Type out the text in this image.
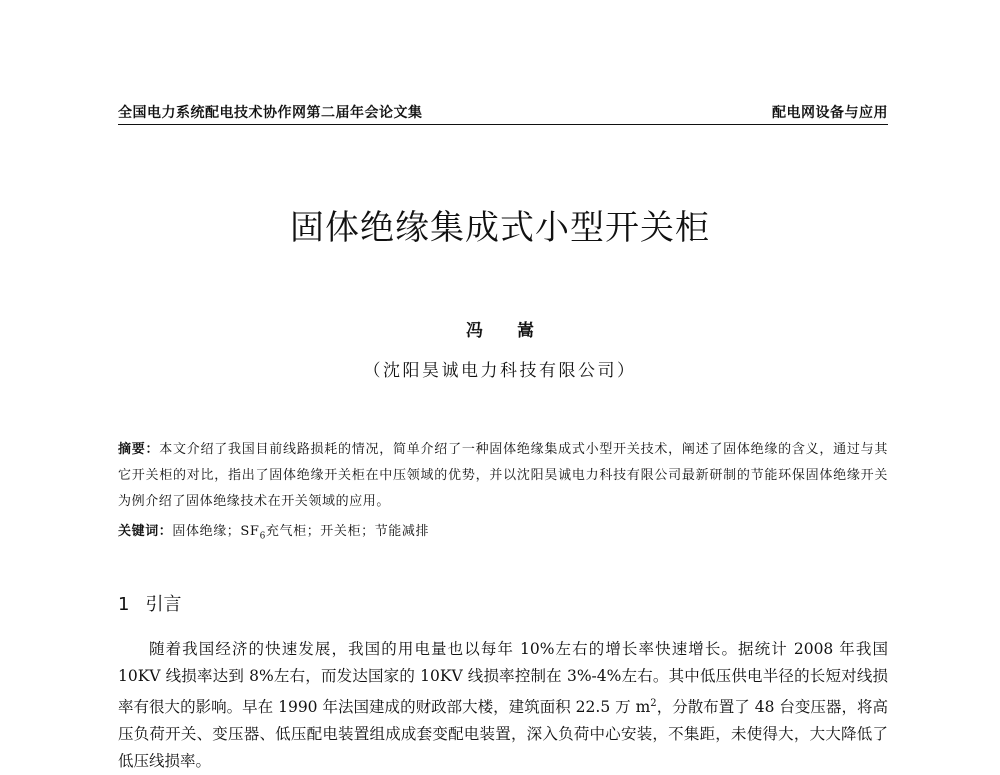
全国电力系统配电技术协作网第二届年会论文集	配电网设备与应用
固体绝缘集成式小型开关柜
冯 嵩
（沈阳昊诚电力科技有限公司）
摘要：本文介绍了我国目前线路损耗的情况，简单介绍了一种固体绝缘集成式小型开关技术，阐述了固体绝缘的含义，通过与其它开关柜的对比，指出了固体绝缘开关柜在中压领域的优势，并以沈阳昊诚电力科技有限公司最新研制的节能环保固体绝缘开关为例介绍了固体绝缘技术在开关领域的应用。
关键词：固体绝缘；$SF_6$充气柜；开关柜；节能减排
1 引言
随着我国经济的快速发展，我国的用电量也以每年 10%左右的增长率快速增长。据统计 2008 年我国 10KV 线损率达到 8%左右，而发达国家的 10KV 线损率控制在 3%-4%左右。其中低压供电半径的长短对线损率有很大的影响。早在 1990 年法国建成的财政部大楼，建筑面积 22.5 万 $m^2$，分散布置了 48 台变压器，将高压负荷开关、变压器、低压配电装置组成成套变配电装置，深入负荷中心安装，不集距，未使得大，大大降低了低压线损率。
